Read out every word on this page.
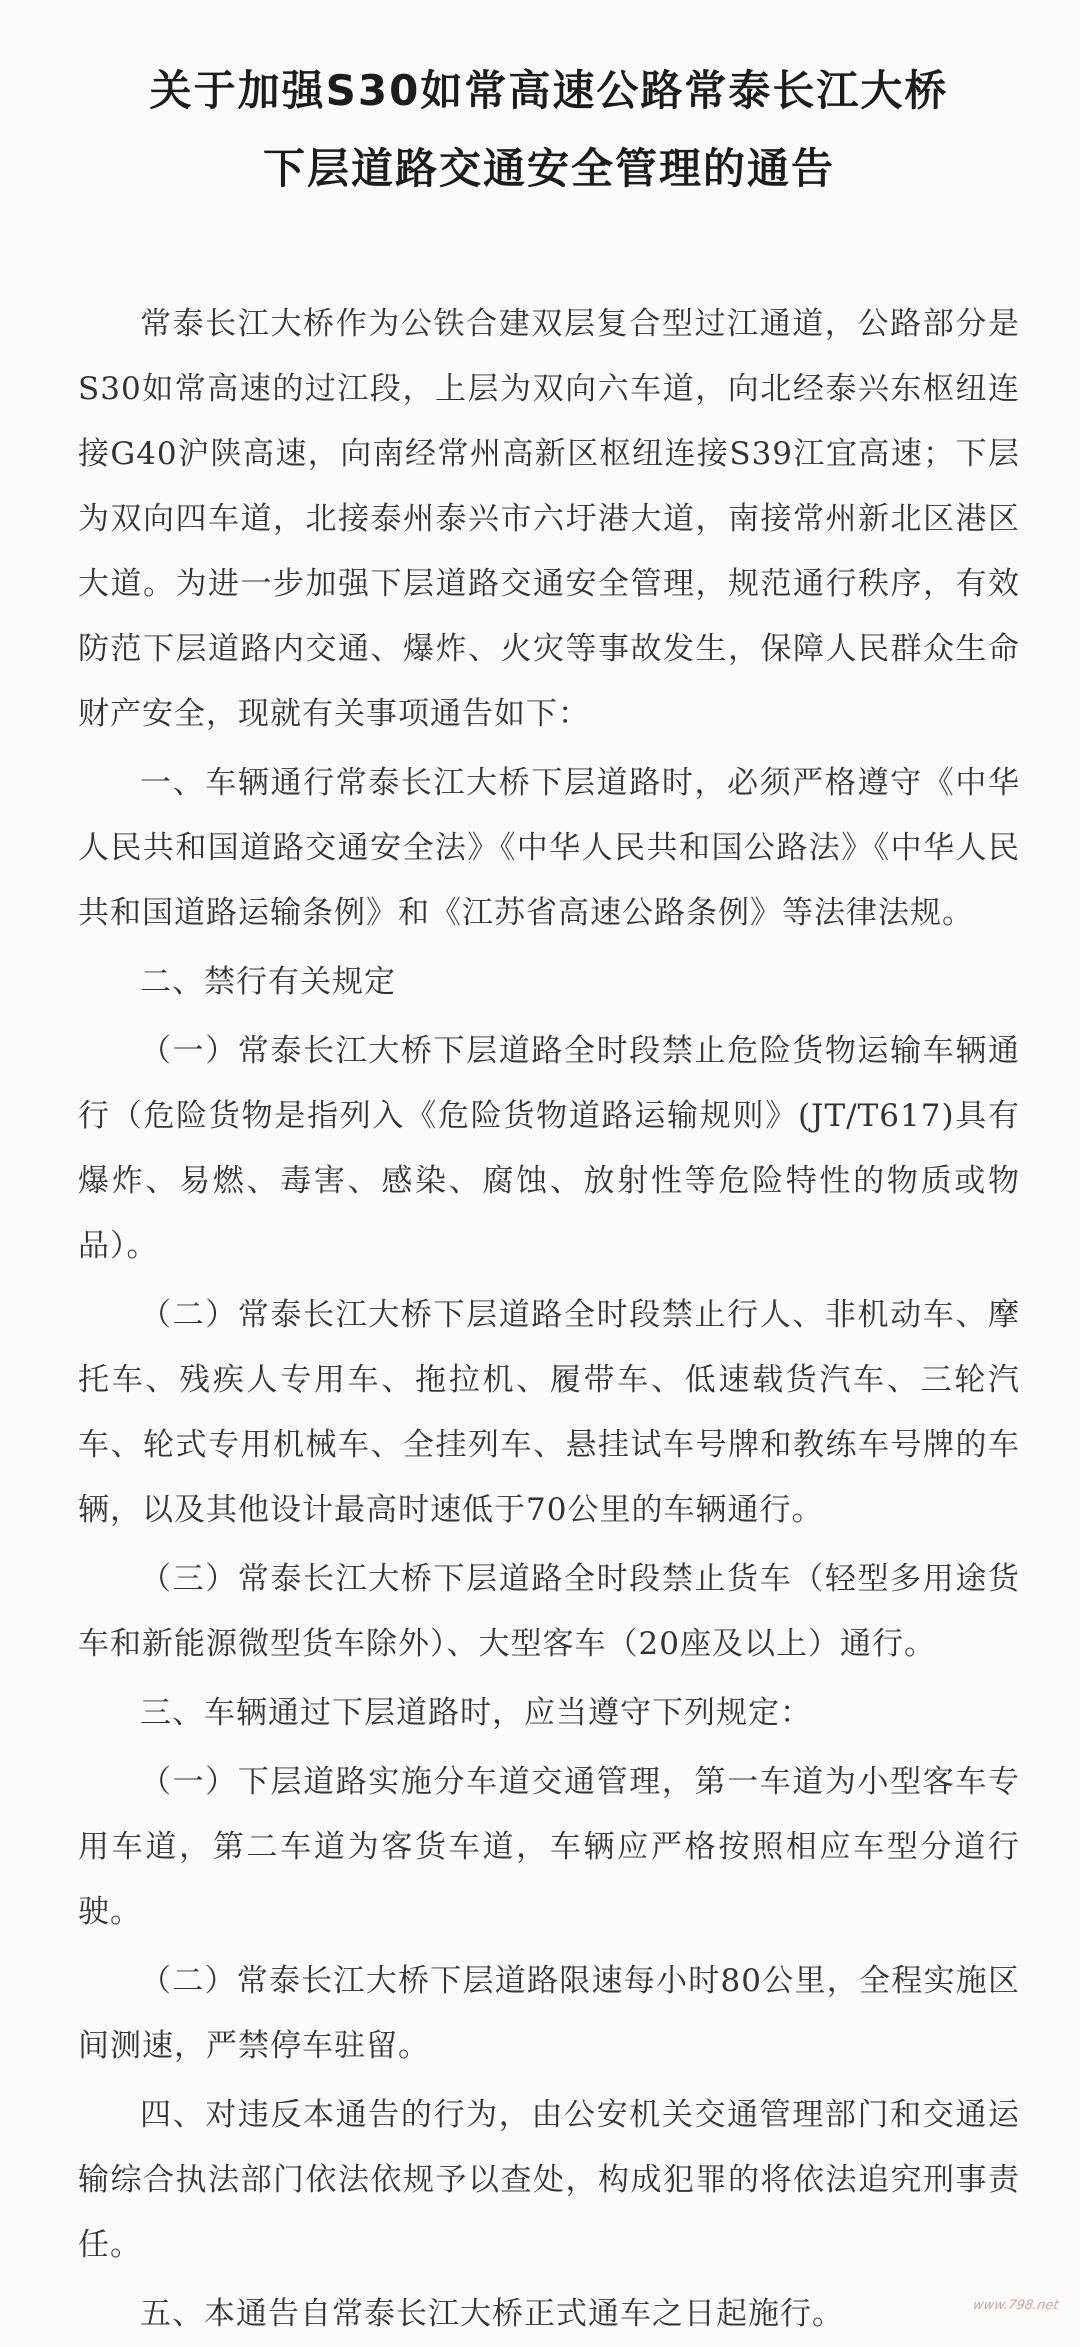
关于加强S30如常高速公路常泰长江大桥
下层道路交通安全管理的通告

常泰长江大桥作为公铁合建双层复合型过江通道，公路部分是S30如常高速的过江段，上层为双向六车道，向北经泰兴东枢纽连接G40沪陕高速，向南经常州高新区枢纽连接S39江宜高速；下层为双向四车道，北接泰州泰兴市六圩港大道，南接常州新北区港区大道。为进一步加强下层道路交通安全管理，规范通行秩序，有效防范下层道路内交通、爆炸、火灾等事故发生，保障人民群众生命财产安全，现就有关事项通告如下：

一、车辆通行常泰长江大桥下层道路时，必须严格遵守《中华人民共和国道路交通安全法》《中华人民共和国公路法》《中华人民共和国道路运输条例》和《江苏省高速公路条例》等法律法规。

二、禁行有关规定

（一）常泰长江大桥下层道路全时段禁止危险货物运输车辆通行（危险货物是指列入《危险货物道路运输规则》(JT/T617)具有爆炸、易燃、毒害、感染、腐蚀、放射性等危险特性的物质或物品）。

（二）常泰长江大桥下层道路全时段禁止行人、非机动车、摩托车、残疾人专用车、拖拉机、履带车、低速载货汽车、三轮汽车、轮式专用机械车、全挂列车、悬挂试车号牌和教练车号牌的车辆，以及其他设计最高时速低于70公里的车辆通行。

（三）常泰长江大桥下层道路全时段禁止货车（轻型多用途货车和新能源微型货车除外）、大型客车（20座及以上）通行。

三、车辆通过下层道路时，应当遵守下列规定：

（一）下层道路实施分车道交通管理，第一车道为小型客车专用车道，第二车道为客货车道，车辆应严格按照相应车型分道行驶。

（二）常泰长江大桥下层道路限速每小时80公里，全程实施区间测速，严禁停车驻留。

四、对违反本通告的行为，由公安机关交通管理部门和交通运输综合执法部门依法依规予以查处，构成犯罪的将依法追究刑事责任。

五、本通告自常泰长江大桥正式通车之日起施行。	www.798.net
